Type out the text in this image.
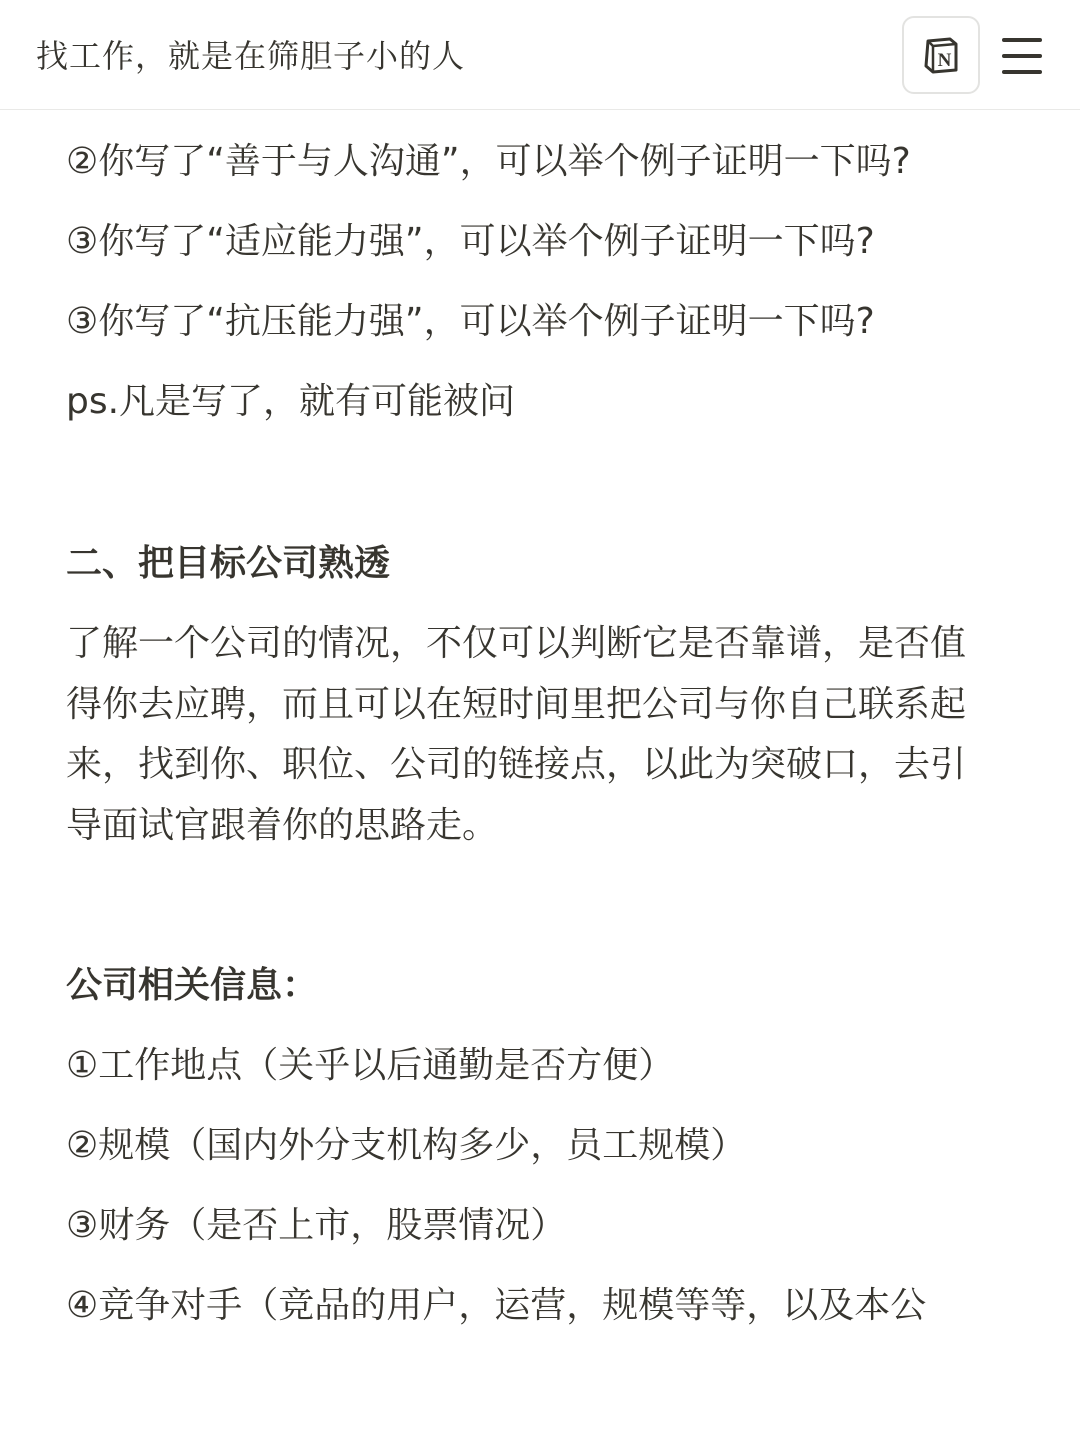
找工作，就是在筛胆子小的人	N
②你写了“善于与人沟通”，可以举个例子证明一下吗?
③你写了“适应能力强”，可以举个例子证明一下吗?
③你写了“抗压能力强”，可以举个例子证明一下吗?
ps.凡是写了，就有可能被问
二、把目标公司熟透
了解一个公司的情况，不仅可以判断它是否靠谱，是否值得你去应聘，而且可以在短时间里把公司与你自己联系起来，找到你、职位、公司的链接点，以此为突破口，去引导面试官跟着你的思路走。
公司相关信息：
①工作地点（关乎以后通勤是否方便）
②规模（国内外分支机构多少，员工规模）
③财务（是否上市，股票情况）
④竞争对手（竞品的用户，运营，规模等等，以及本公
